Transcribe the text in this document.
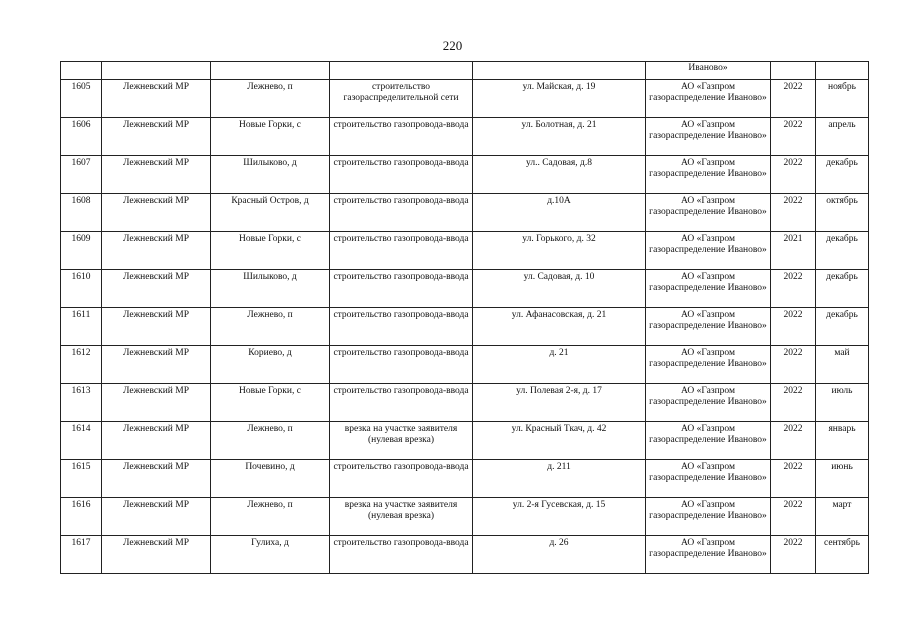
220
					Иваново»		
1605	Лежневский МР	Лежнево, п	строительство газораспределительной сети	ул. Майская, д. 19	АО «Газпром газораспределение Иваново»	2022	ноябрь
1606	Лежневский МР	Новые Горки, с	строительство газопровода-ввода	ул. Болотная, д. 21	АО «Газпром газораспределение Иваново»	2022	апрель
1607	Лежневский МР	Шилыково, д	строительство газопровода-ввода	ул.. Садовая, д.8	АО «Газпром газораспределение Иваново»	2022	декабрь
1608	Лежневский МР	Красный Остров, д	строительство газопровода-ввода	д.10А	АО «Газпром газораспределение Иваново»	2022	октябрь
1609	Лежневский МР	Новые Горки, с	строительство газопровода-ввода	ул. Горького, д. 32	АО «Газпром газораспределение Иваново»	2021	декабрь
1610	Лежневский МР	Шилыково, д	строительство газопровода-ввода	ул. Садовая, д. 10	АО «Газпром газораспределение Иваново»	2022	декабрь
1611	Лежневский МР	Лежнево, п	строительство газопровода-ввода	ул. Афанасовская, д. 21	АО «Газпром газораспределение Иваново»	2022	декабрь
1612	Лежневский МР	Кориево, д	строительство газопровода-ввода	д. 21	АО «Газпром газораспределение Иваново»	2022	май
1613	Лежневский МР	Новые Горки, с	строительство газопровода-ввода	ул. Полевая 2-я, д. 17	АО «Газпром газораспределение Иваново»	2022	июль
1614	Лежневский МР	Лежнево, п	врезка на участке заявителя (нулевая врезка)	ул. Красный Ткач, д. 42	АО «Газпром газораспределение Иваново»	2022	январь
1615	Лежневский МР	Почевино, д	строительство газопровода-ввода	д. 211	АО «Газпром газораспределение Иваново»	2022	июнь
1616	Лежневский МР	Лежнево, п	врезка на участке заявителя (нулевая врезка)	ул. 2-я Гусевская, д. 15	АО «Газпром газораспределение Иваново»	2022	март
1617	Лежневский МР	Гулиха, д	строительство газопровода-ввода	д. 26	АО «Газпром газораспределение Иваново»	2022	сентябрь
